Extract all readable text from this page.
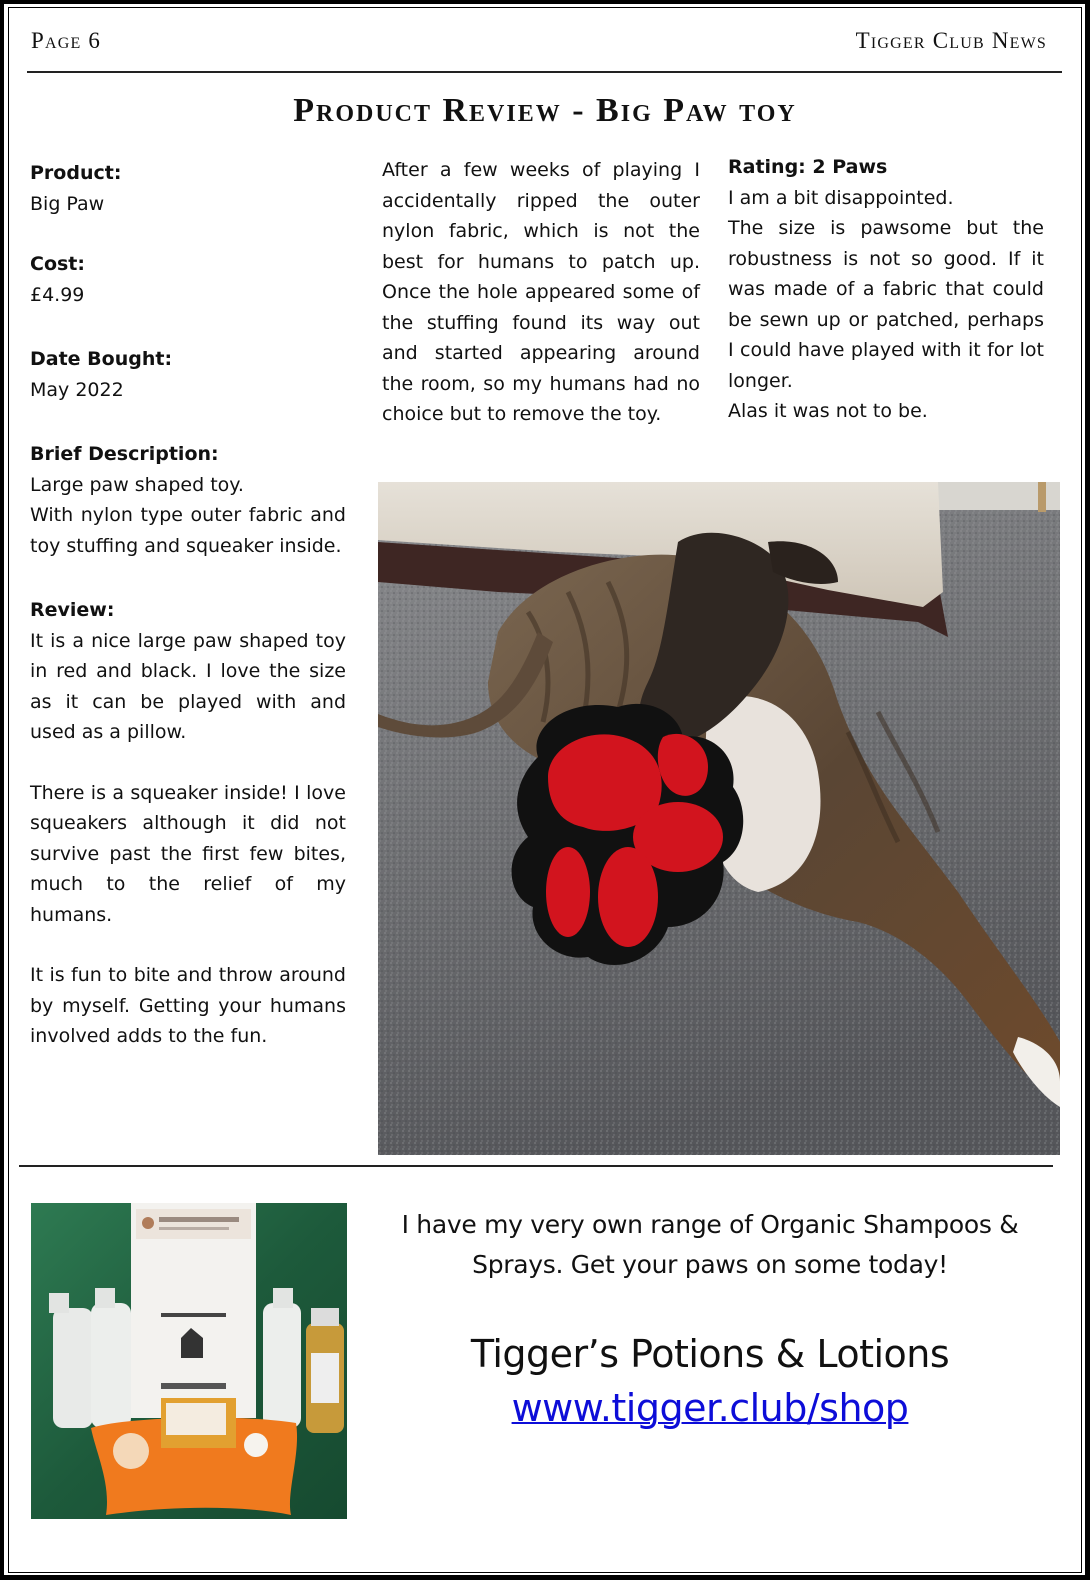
Page 6	Tigger Club News
Product Review - Big Paw toy
Product:
Big Paw
Cost:
£4.99
Date Bought:
May 2022
Brief Description:

Large paw shaped toy.

With nylon type outer fabric and toy stuffing and squeaker inside.

Review:

It is a nice large paw shaped toy in red and black. I love the size as it can be played with and used as a pillow.

There is a squeaker inside! I love squeakers although it did not survive past the first few bites, much to the relief of my humans.

It is fun to bite and throw around by myself. Getting your humans involved adds to the fun.

After a few weeks of playing I accidentally ripped the outer nylon fabric, which is not the best for humans to patch up. Once the hole appeared some of the stuffing found its way out and started appearing around the room, so my humans had no choice but to remove the toy.

Rating: 2 Paws

I am a bit disappointed.

The size is pawsome but the robustness is not so good. If it was made of a fabric that could be sewn up or patched, perhaps I could have played with it for lot longer.

Alas it was not to be.

I have my very own range of Organic Shampoos & Sprays. Get your paws on some today!
Tigger’s Potions & Lotions
www.tigger.club/shop
